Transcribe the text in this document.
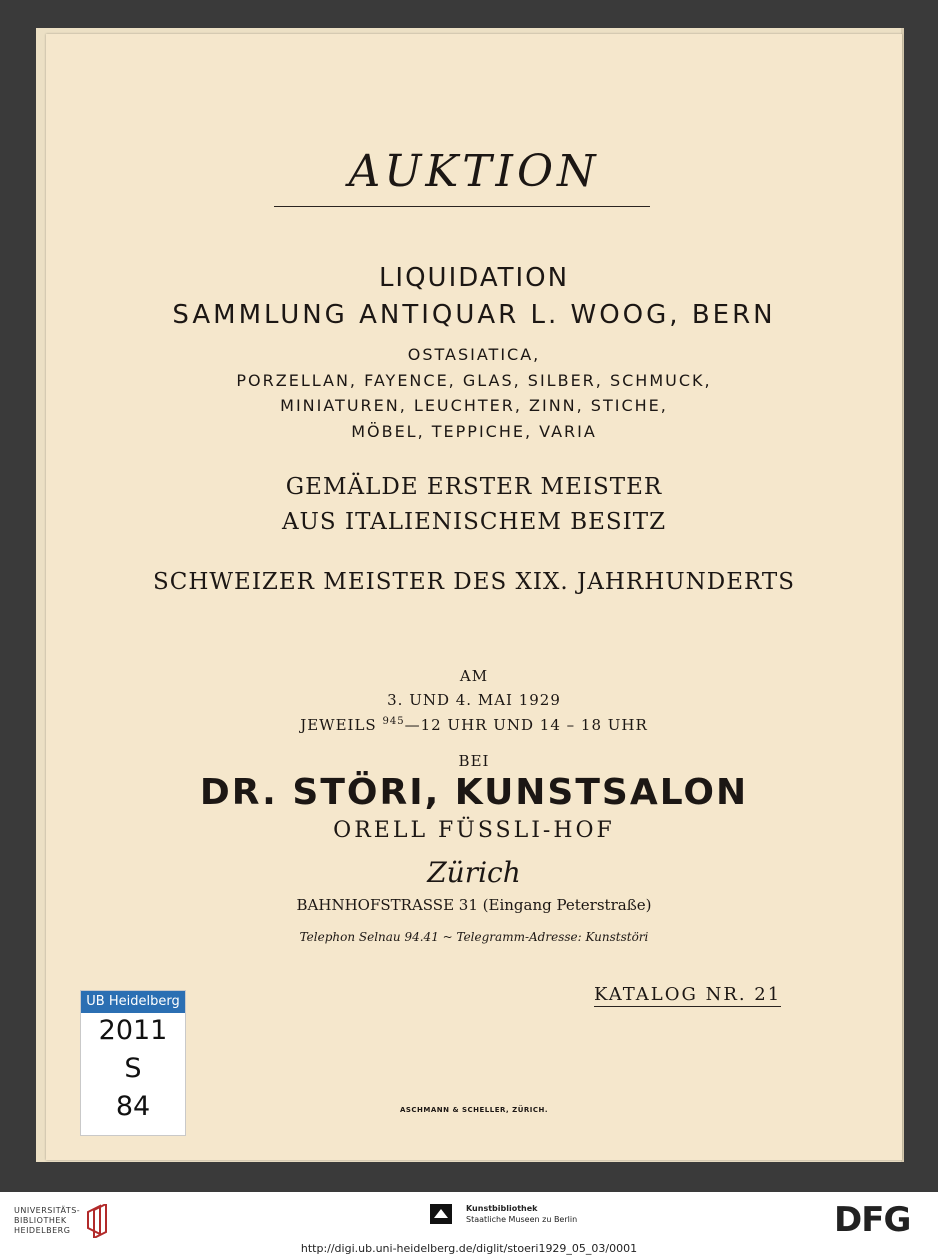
AUKTION
LIQUIDATION
SAMMLUNG ANTIQUAR L. WOOG, BERN
OSTASIATICA,
PORZELLAN, FAYENCE, GLAS, SILBER, SCHMUCK,
MINIATUREN, LEUCHTER, ZINN, STICHE,
MÖBEL, TEPPICHE, VARIA
GEMÄLDE ERSTER MEISTER
AUS ITALIENISCHEM BESITZ
SCHWEIZER MEISTER DES XIX. JAHRHUNDERTS
AM
3. UND 4. MAI 1929
JEWEILS $^{945}$—12 UHR UND 14 – 18 UHR
BEI
DR. STÖRI, KUNSTSALON
ORELL FÜSSLI-HOF
Zürich
BAHNHOFSTRASSE 31 (Eingang Peterstraße)
Telephon Selnau 94.41 ~ Telegramm-Adresse: Kunststöri
KATALOG NR. 21
ASCHMANN & SCHELLER, ZÜRICH.
UB Heidelberg
2011
S
84
UNIVERSITÄTS-
BIBLIOTHEK
HEIDELBERG
Kunstbibliothek
Staatliche Museen zu Berlin	DFG
http://digi.ub.uni-heidelberg.de/diglit/stoeri1929_05_03/0001
